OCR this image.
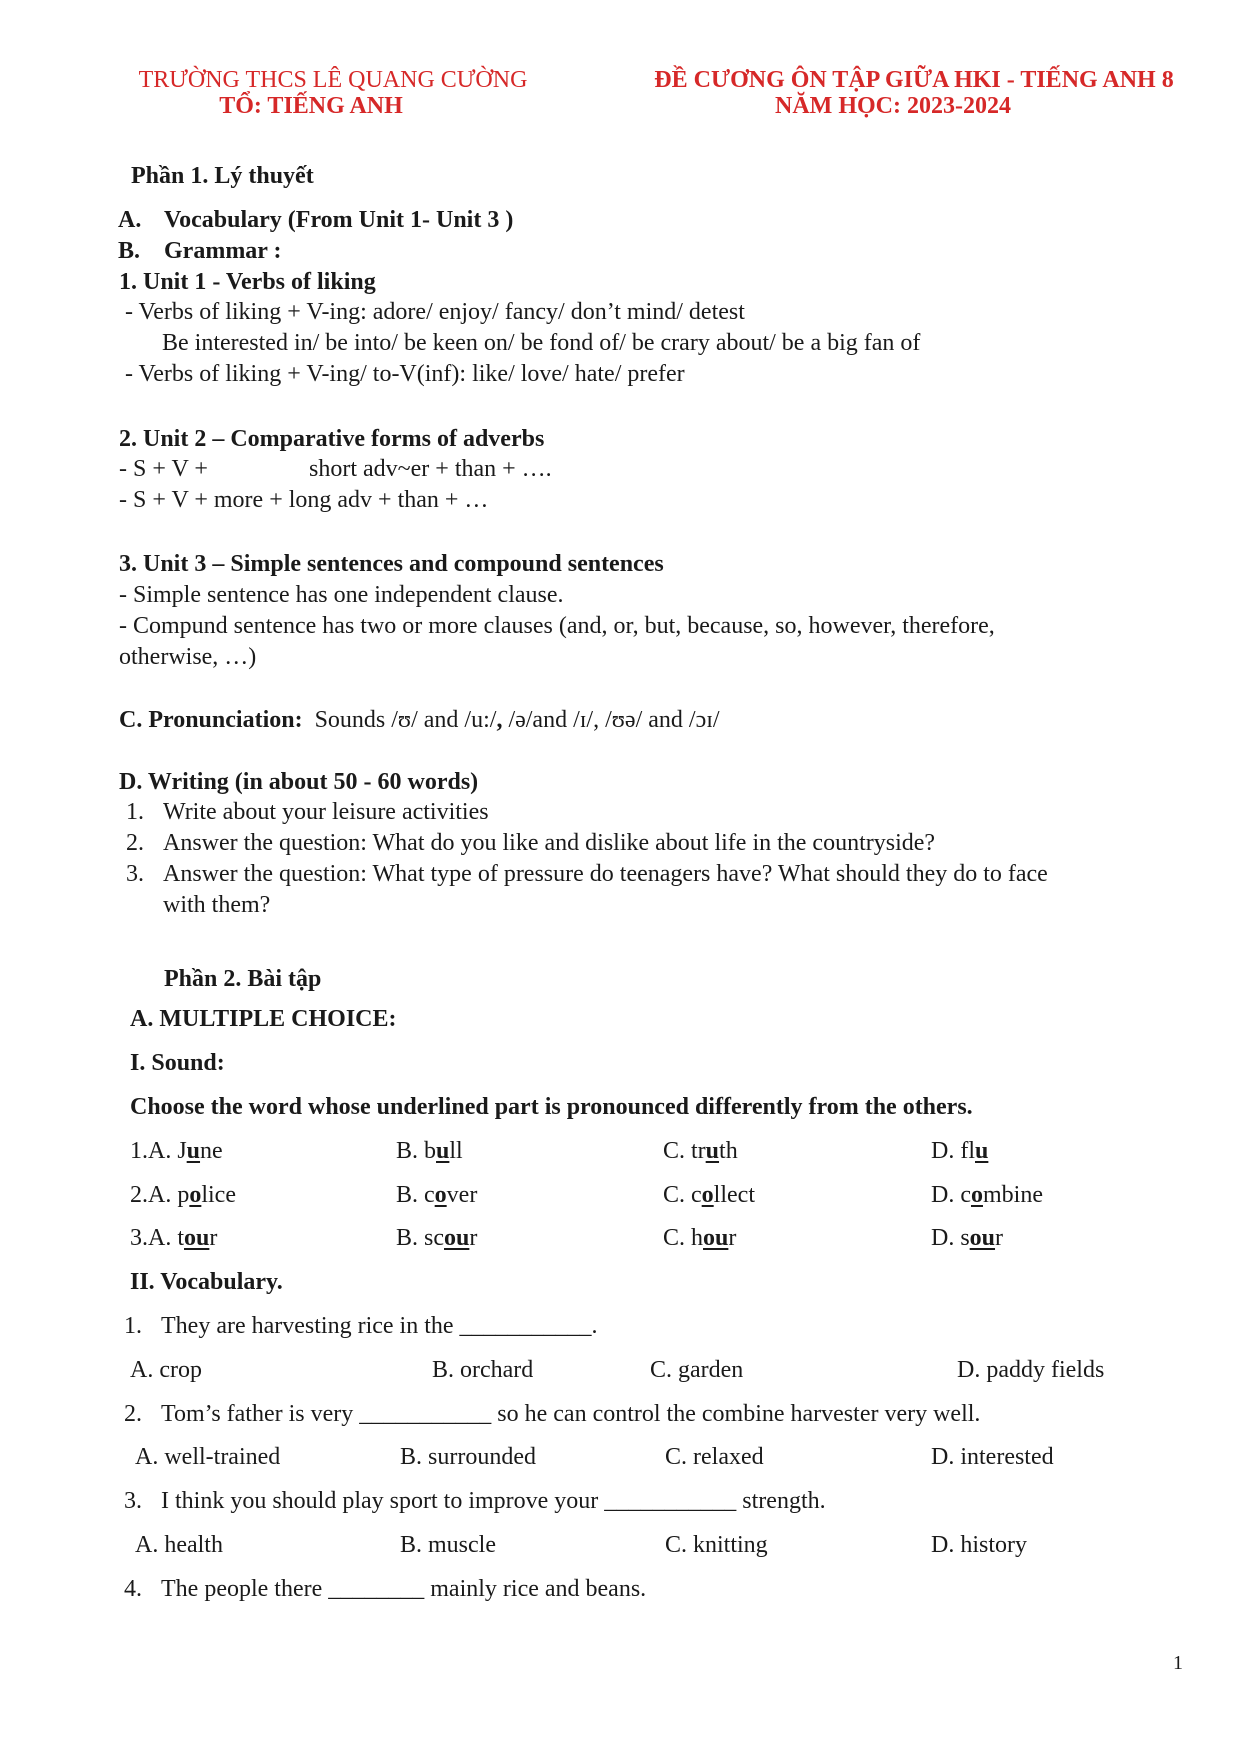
TRƯỜNG THCS LÊ QUANG CƯỜNG
TỔ: TIẾNG ANH
ĐỀ CƯƠNG ÔN TẬP GIỮA HKI - TIẾNG ANH 8
NĂM HỌC: 2023-2024
Phần 1. Lý thuyết
A. Vocabulary (From Unit 1- Unit 3 )
B. Grammar :
1. Unit 1 - Verbs of liking
- Verbs of liking + V-ing: adore/ enjoy/ fancy/ don’t mind/ detest
Be interested in/ be into/ be keen on/ be fond of/ be crary about/ be a big fan of
- Verbs of liking + V-ing/ to-V(inf): like/ love/ hate/ prefer
2. Unit 2 – Comparative forms of adverbs
- S + V +	short adv~er + than + ….
- S + V + more + long adv + than + …
3. Unit 3 – Simple sentences and compound sentences
- Simple sentence has one independent clause.
- Compund sentence has two or more clauses (and, or, but, because, so, however, therefore,
otherwise, …)
C. Pronunciation: Sounds /ʊ/ and /u:/, /ə/and /ɪ/, /ʊə/ and /ɔɪ/
D. Writing (in about 50 - 60 words)
1. Write about your leisure activities
2. Answer the question: What do you like and dislike about life in the countryside?
3. Answer the question: What type of pressure do teenagers have? What should they do to face
with them?
Phần 2. Bài tập
A. MULTIPLE CHOICE:
I. Sound:
Choose the word whose underlined part is pronounced differently from the others.
1.A. June	B. bull	C. truth	D. flu
2.A. police	B. cover	C. collect	D. combine
3.A. tour	B. scour	C. hour	D. sour
II. Vocabulary.
1. They are harvesting rice in the ___________.
A. crop	B. orchard	C. garden	D. paddy fields
2. Tom’s father is very ___________ so he can control the combine harvester very well.
A. well-trained	B. surrounded	C. relaxed	D. interested
3. I think you should play sport to improve your ___________ strength.
A. health	B. muscle	C. knitting	D. history
4. The people there ________ mainly rice and beans.
1
